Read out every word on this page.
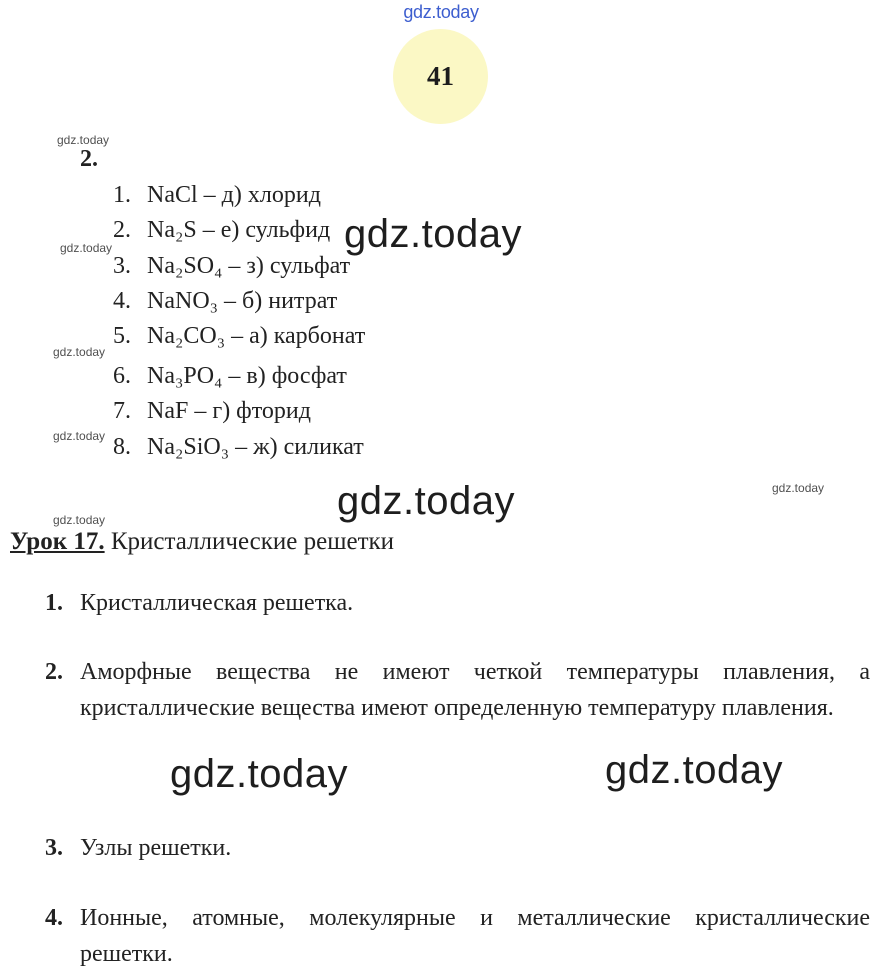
gdz.today
41
gdz.today
gdz.today
gdz.today
gdz.today
gdz.today
gdz.today
2.
1. NaCl – д) хлорид
2. Na₂S – е) сульфид
3. Na₂SO₄ – з) сульфат
4. NaNO₃ – б) нитрат
5. Na₂CO₃ – а) карбонат
6. Na₃PO₄ – в) фосфат
7. NaF – г) фторид
8. Na₂SiO₃ – ж) силикат
gdz.today
gdz.today
gdz.today	gdz.today
Урок 17. Кристаллические решетки
1. Кристаллическая решетка.
2. Аморфные вещества не имеют четкой температуры плавления, а кристаллические вещества имеют определенную температуру плавления.
3. Узлы решетки.
4. Ионные, атомные, молекулярные и металлические кристаллические решетки.
